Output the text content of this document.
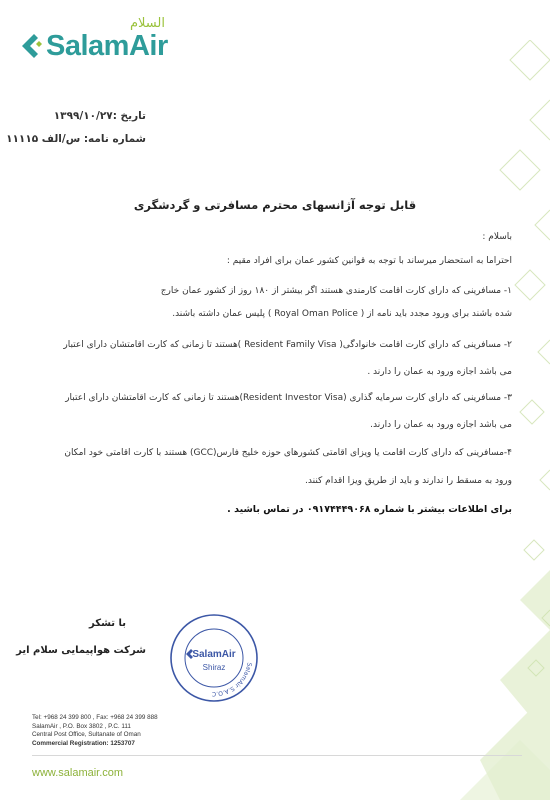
SalamAir
السلام
تاریخ :۱۳۹۹/۱۰/۲۷
شماره نامه: س/الف ۱۱۱۱۵
قابل توجه آژانسهای محترم مسافرتی و گردشگری
باسلام :
احتراما به استحضار میرساند با توجه به قوانین کشور عمان برای افراد مقیم :
۱- مسافرینی که دارای کارت اقامت کارمندی هستند اگر بیشتر از ۱۸۰ روز از کشور عمان خارج
شده باشند برای ورود مجدد باید نامه از ( Royal Oman Police ) پلیس عمان داشته باشند.
۲- مسافرینی که دارای کارت اقامت خانوادگی( Resident Family Visa )هستند تا زمانی که کارت اقامتشان دارای اعتبار
می باشد اجازه ورود به عمان را دارند .
۳- مسافرینی که دارای کارت سرمایه گذاری (Resident Investor Visa)هستند تا زمانی که کارت اقامتشان دارای اعتبار
می باشد اجازه ورود به عمان را دارند.
۴-مسافرینی که دارای کارت اقامت یا ویزای اقامتی کشورهای حوزه خلیج فارس(GCC) هستند با کارت اقامتی خود امکان
ورود به مسقط را ندارند و باید از طریق ویزا اقدام کنند.
برای اطلاعات بیشتر با شماره ۰۹۱۷۴۴۴۹۰۶۸ در تماس باشید .
با تشکر
شرکت هواپیمایی سلام ایر
SalamAir S.A.O.C
SalamAir
Shiraz
Tel: +968 24 399 800 , Fax: +968 24 399 888
SalamAir , P.O. Box 3802 , P.C. 111
Central Post Office, Sultanate of Oman
Commercial Registration: 1253707
www.salamair.com
